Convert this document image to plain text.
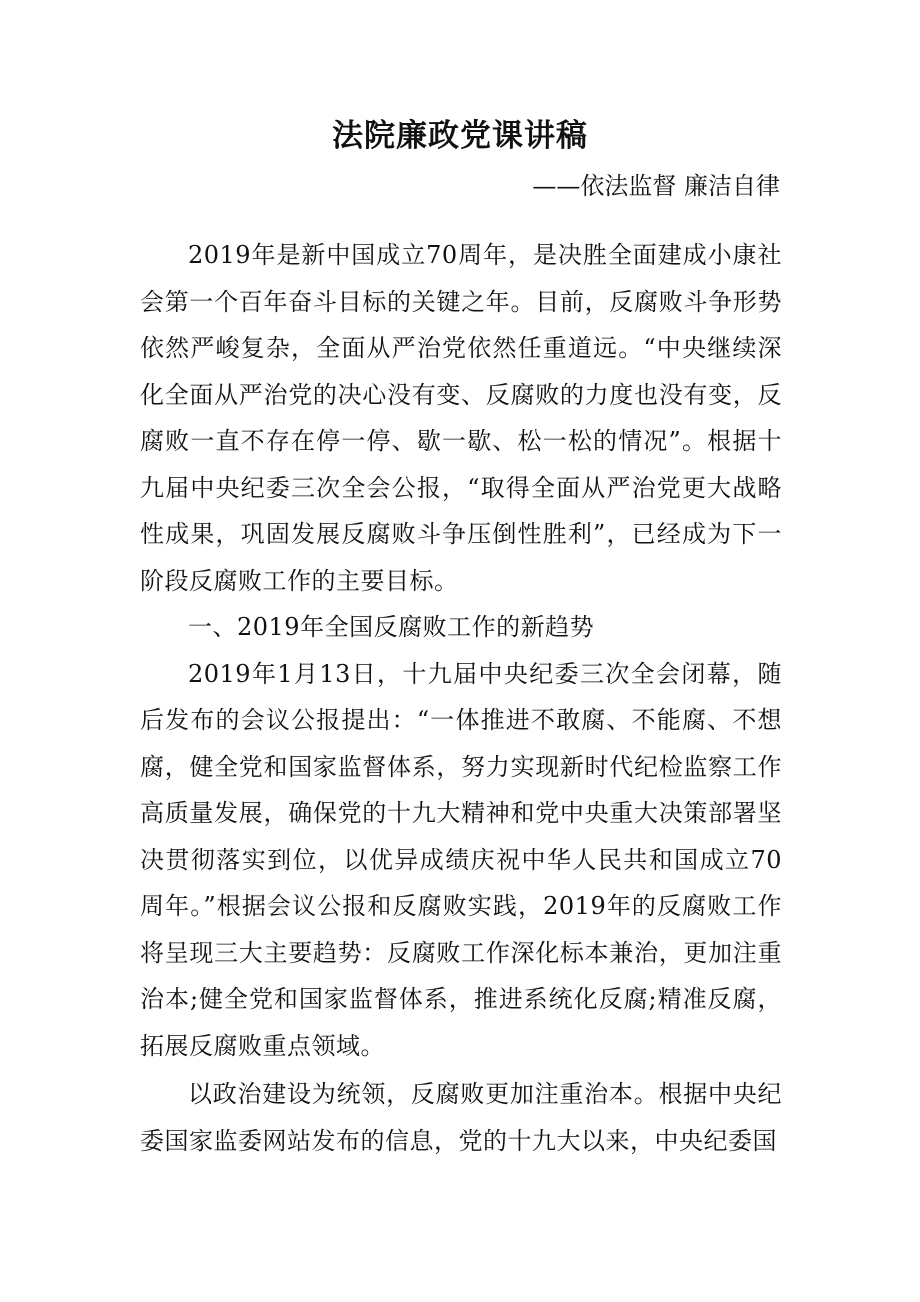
法院廉政党课讲稿
——依法监督 廉洁自律

2019年是新中国成立70周年，是决胜全面建成小康社会第一个百年奋斗目标的关键之年。目前，反腐败斗争形势依然严峻复杂，全面从严治党依然任重道远。“中央继续深化全面从严治党的决心没有变、反腐败的力度也没有变，反腐败一直不存在停一停、歇一歇、松一松的情况”。根据十九届中央纪委三次全会公报，“取得全面从严治党更大战略性成果，巩固发展反腐败斗争压倒性胜利”，已经成为下一阶段反腐败工作的主要目标。

一、2019年全国反腐败工作的新趋势

2019年1月13日，十九届中央纪委三次全会闭幕，随后发布的会议公报提出：“一体推进不敢腐、不能腐、不想腐，健全党和国家监督体系，努力实现新时代纪检监察工作高质量发展，确保党的十九大精神和党中央重大决策部署坚决贯彻落实到位，以优异成绩庆祝中华人民共和国成立70周年。”根据会议公报和反腐败实践，2019年的反腐败工作将呈现三大主要趋势：反腐败工作深化标本兼治，更加注重治本;健全党和国家监督体系，推进系统化反腐;精准反腐，拓展反腐败重点领域。

以政治建设为统领，反腐败更加注重治本。根据中央纪委国家监委网站发布的信息，党的十九大以来，中央纪委国
